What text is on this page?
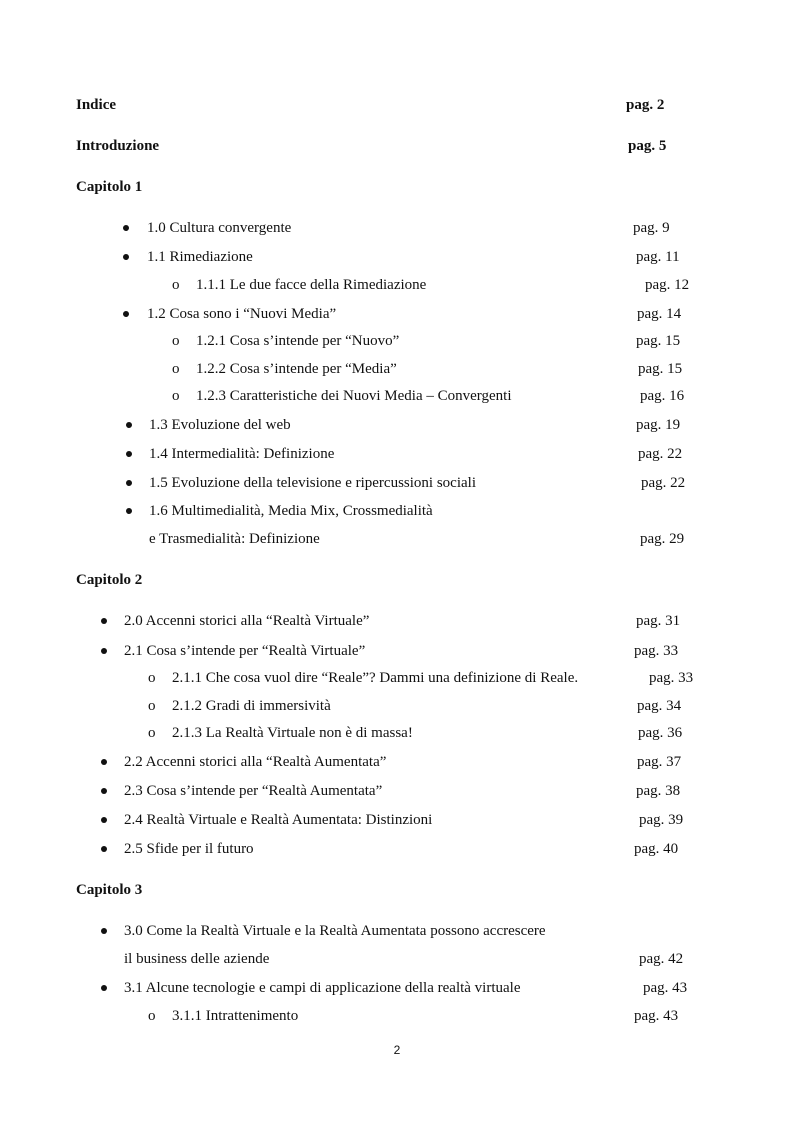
Indice	pag. 2
Introduzione	pag. 5
Capitolo 1
1.0 Cultura convergente	pag. 9
1.1 Rimediazione	pag. 11
o 1.1.1 Le due facce della Rimediazione	pag. 12
1.2 Cosa sono i “Nuovi Media”	pag. 14
o 1.2.1 Cosa s’intende per “Nuovo”	pag. 15
o 1.2.2 Cosa s’intende per “Media”	pag. 15
o 1.2.3 Caratteristiche dei Nuovi Media – Convergenti	pag. 16
1.3 Evoluzione del web	pag. 19
1.4 Intermedialità: Definizione	pag. 22
1.5 Evoluzione della televisione e ripercussioni sociali	pag. 22
1.6 Multimedialità, Media Mix, Crossmedialità
e Trasmedialità: Definizione	pag. 29
Capitolo 2
2.0 Accenni storici alla “Realtà Virtuale”	pag. 31
2.1 Cosa s’intende per “Realtà Virtuale”	pag. 33
o 2.1.1 Che cosa vuol dire “Reale”? Dammi una definizione di Reale.	pag. 33
o 2.1.2 Gradi di immersività	pag. 34
o 2.1.3 La Realtà Virtuale non è di massa!	pag. 36
2.2 Accenni storici alla “Realtà Aumentata”	pag. 37
2.3 Cosa s’intende per “Realtà Aumentata”	pag. 38
2.4 Realtà Virtuale e Realtà Aumentata: Distinzioni	pag. 39
2.5 Sfide per il futuro	pag. 40
Capitolo 3
3.0 Come la Realtà Virtuale e la Realtà Aumentata possono accrescere
il business delle aziende	pag. 42
3.1 Alcune tecnologie e campi di applicazione della realtà virtuale	pag. 43
o 3.1.1 Intrattenimento	pag. 43
2
